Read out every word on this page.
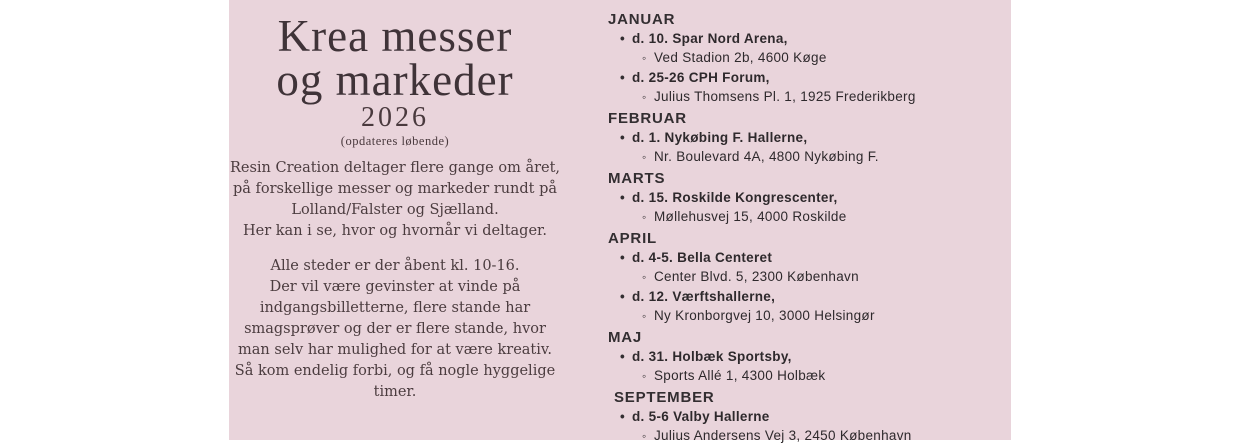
Krea messer
og markeder
2026
(opdateres løbende)
Resin Creation deltager flere gange om året,
på forskellige messer og markeder rundt på
Lolland/Falster og Sjælland.
Her kan i se, hvor og hvornår vi deltager.
Alle steder er der åbent kl. 10-16.
Der vil være gevinster at vinde på
indgangsbilletterne, flere stande har
smagsprøver og der er flere stande, hvor
man selv har mulighed for at være kreativ.
Så kom endelig forbi, og få nogle hyggelige
timer.
JANUAR
• d. 10. Spar Nord Arena,
◦ Ved Stadion 2b, 4600 Køge
• d. 25-26 CPH Forum,
◦ Julius Thomsens Pl. 1, 1925 Frederikberg
FEBRUAR
• d. 1. Nykøbing F. Hallerne,
◦ Nr. Boulevard 4A, 4800 Nykøbing F.
MARTS
• d. 15. Roskilde Kongrescenter,
◦ Møllehusvej 15, 4000 Roskilde
APRIL
• d. 4-5. Bella Centeret
◦ Center Blvd. 5, 2300 København
• d. 12. Værftshallerne,
◦ Ny Kronborgvej 10, 3000 Helsingør
MAJ
• d. 31. Holbæk Sportsby,
◦ Sports Allé 1, 4300 Holbæk
SEPTEMBER
• d. 5-6 Valby Hallerne
◦ Julius Andersens Vej 3, 2450 København
